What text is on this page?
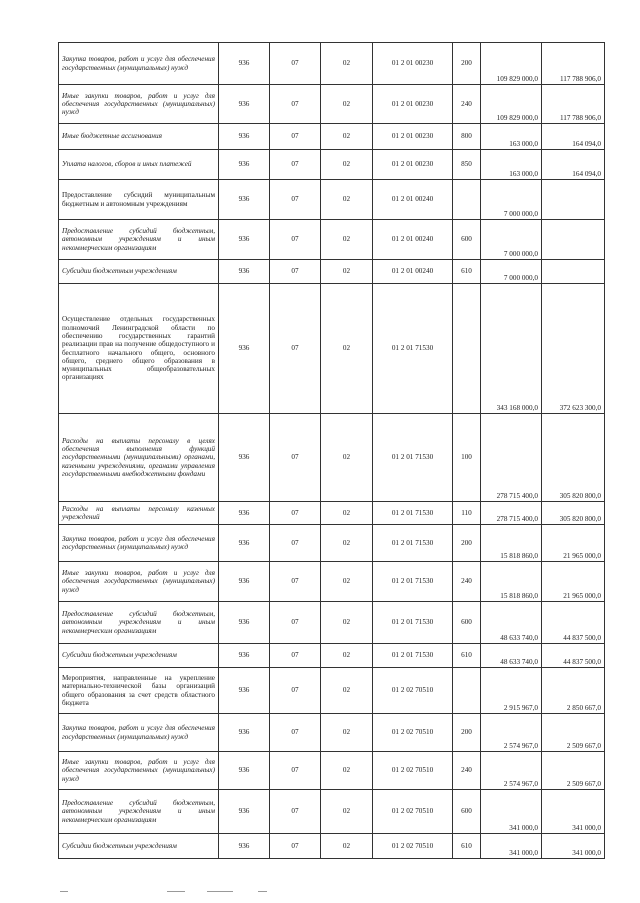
Закупка товаров, работ и услуг для обеспечения государственных (муниципальных) нужд	936	07	02	01 2 01 00230	200	109 829 000,0	117 788 906,0
Иные закупки товаров, работ и услуг для обеспечения государственных (муниципальных) нужд	936	07	02	01 2 01 00230	240	109 829 000,0	117 788 906,0
Иные бюджетные ассигнования	936	07	02	01 2 01 00230	800	163 000,0	164 094,0
Уплата налогов, сборов и иных платежей	936	07	02	01 2 01 00230	850	163 000,0	164 094,0
Предоставление субсидий муниципальным бюджетным и автономным учреждениям	936	07	02	01 2 01 00240		7 000 000,0	
Предоставление субсидий бюджетным, автономным учреждениям и иным некоммерческим организациям	936	07	02	01 2 01 00240	600	7 000 000,0	
Субсидии бюджетным учреждениям	936	07	02	01 2 01 00240	610	7 000 000,0	
Осуществление отдельных государственных полномочий Ленинградской области по обеспечению государственных гарантий реализации прав на получение общедоступного и бесплатного начального общего, основного общего, среднего общего образования в муниципальных общеобразовательных организациях	936	07	02	01 2 01 71530		343 168 000,0	372 623 300,0
Расходы на выплаты персоналу в целях обеспечения выполнения функций государственными (муниципальными) органами, казенными учреждениями, органами управления государственными внебюджетными фондами	936	07	02	01 2 01 71530	100	278 715 400,0	305 820 800,0
Расходы на выплаты персоналу казенных учреждений	936	07	02	01 2 01 71530	110	278 715 400,0	305 820 800,0
Закупка товаров, работ и услуг для обеспечения государственных (муниципальных) нужд	936	07	02	01 2 01 71530	200	15 818 860,0	21 965 000,0
Иные закупки товаров, работ и услуг для обеспечения государственных (муниципальных) нужд	936	07	02	01 2 01 71530	240	15 818 860,0	21 965 000,0
Предоставление субсидий бюджетным, автономным учреждениям и иным некоммерческим организациям	936	07	02	01 2 01 71530	600	48 633 740,0	44 837 500,0
Субсидии бюджетным учреждениям	936	07	02	01 2 01 71530	610	48 633 740,0	44 837 500,0
Мероприятия, направленные на укрепление материально-технической базы организаций общего образования за счет средств областного бюджета	936	07	02	01 2 02 70510		2 915 967,0	2 850 667,0
Закупка товаров, работ и услуг для обеспечения государственных (муниципальных) нужд	936	07	02	01 2 02 70510	200	2 574 967,0	2 509 667,0
Иные закупки товаров, работ и услуг для обеспечения государственных (муниципальных) нужд	936	07	02	01 2 02 70510	240	2 574 967,0	2 509 667,0
Предоставление субсидий бюджетным, автономным учреждениям и иным некоммерческим организациям	936	07	02	01 2 02 70510	600	341 000,0	341 000,0
Субсидии бюджетным учреждениям	936	07	02	01 2 02 70510	610	341 000,0	341 000,0
